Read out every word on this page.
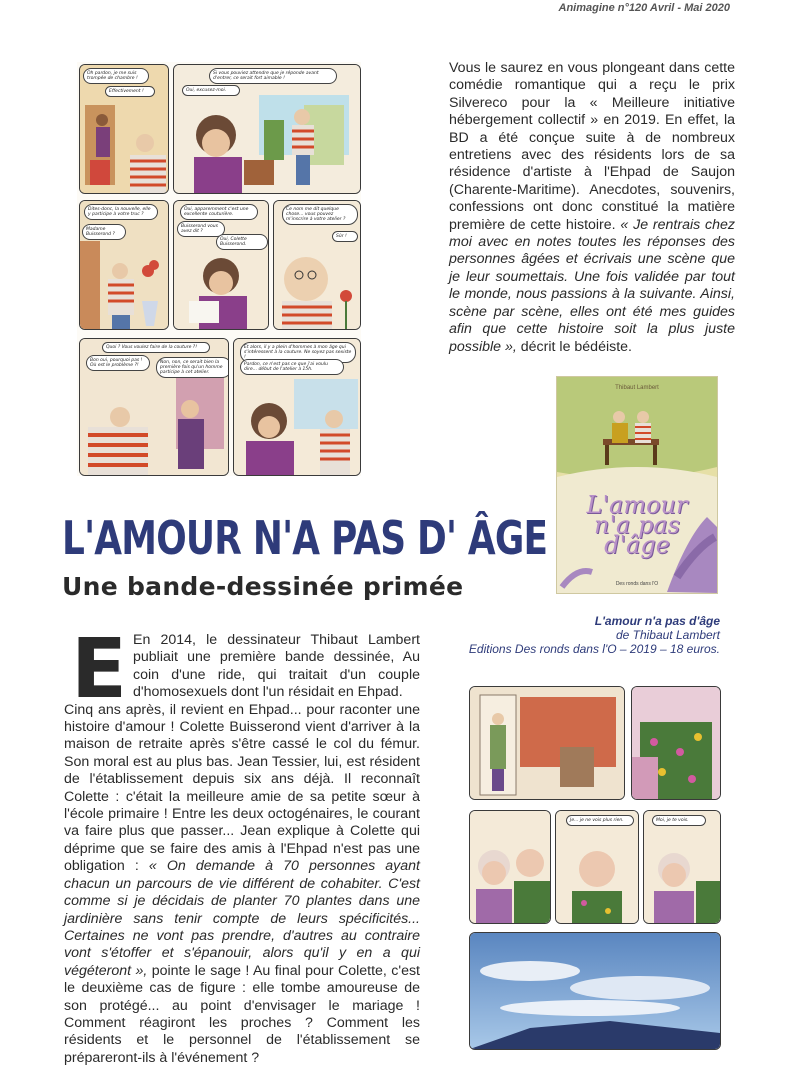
Animagine n°120 Avril - Mai 2020
Oh pardon, je me suis trompée de chambre !
Effectivement !
Si vous pouviez attendre que je réponde avant d'entrer, ce serait fort aimable !
Oui, excusez-moi.
Dites-donc, la nouvelle, elle y participe à votre truc ?
Madame Buisserond ?
Oui, apparemment c'est une excellente couturière.
Buisserond vous avez dit ?
Oui, Colette Buisserond.
Ce nom me dit quelque chose... vous pouvez m'inscrire à votre atelier ?
Sûr !
Quoi ? Vous voulez faire de la couture ?!
Bon oui, pourquoi pas ! Où est le problème ?!
Non, non, ce serait bien la première fois qu'un homme participe à cet atelier.
Et alors, il y a plein d'hommes à mon âge qui s'intéressent à la couture. Ne soyez pas sexiste !
Pardon, ce n'est pas ce que j'ai voulu dire... début de l'atelier à 15h.
Vous le saurez en vous plongeant dans cette comédie romantique qui a reçu le prix Silvereco pour la « Meilleure initiative hébergement collectif » en 2019. En effet, la BD a été conçue suite à de nombreux entretiens avec des résidents lors de sa résidence d'artiste à l'Ehpad de Saujon (Charente-Maritime). Anecdotes, souvenirs, confessions ont donc constitué la matière première de cette histoire. « Je rentrais chez moi avec en notes toutes les réponses des personnes âgées et écrivais une scène que je leur soumettais. Une fois validée par tout le monde, nous passions à la suivante. Ainsi, scène par scène, elles ont été mes guides afin que cette histoire soit la plus juste possible », décrit le bédéiste.
Thibaut Lambert
L'amour
n'a pas
d'âge
Des ronds dans l'O
L'amour n'a pas d'âge
de Thibaut Lambert
Editions Des ronds dans l'O – 2019 – 18 euros.
L'AMOUR N'A PAS D' ÂGE
Une bande-dessinée primée
E En 2014, le dessinateur Thibaut Lambert publiait une première bande dessinée, Au coin d'une ride, qui traitait d'un couple d'homosexuels dont l'un résidait en Ehpad.

Cinq ans après, il revient en Ehpad... pour raconter une histoire d'amour ! Colette Buisserond vient d'arriver à la maison de retraite après s'être cassé le col du fémur. Son moral est au plus bas. Jean Tessier, lui, est résident de l'établissement depuis six ans déjà. Il reconnaît Colette : c'était la meilleure amie de sa petite sœur à l'école primaire ! Entre les deux octogénaires, le courant va faire plus que passer... Jean explique à Colette qui déprime que se faire des amis à l'Ehpad n'est pas une obligation : « On demande à 70 personnes ayant chacun un parcours de vie différent de cohabiter. C'est comme si je décidais de planter 70 plantes dans une jardinière sans tenir compte de leurs spécificités... Certaines ne vont pas prendre, d'autres au contraire vont s'étoffer et s'épanouir, alors qu'il y en a qui végéteront », pointe le sage ! Au final pour Colette, c'est le deuxième cas de figure : elle tombe amoureuse de son protégé... au point d'envisager le mariage ! Comment réagiront les proches ? Comment les résidents et le personnel de l'établissement se prépareront-ils à l'événement ?

Je... je ne vois plus rien.	Moi, je te vois.
